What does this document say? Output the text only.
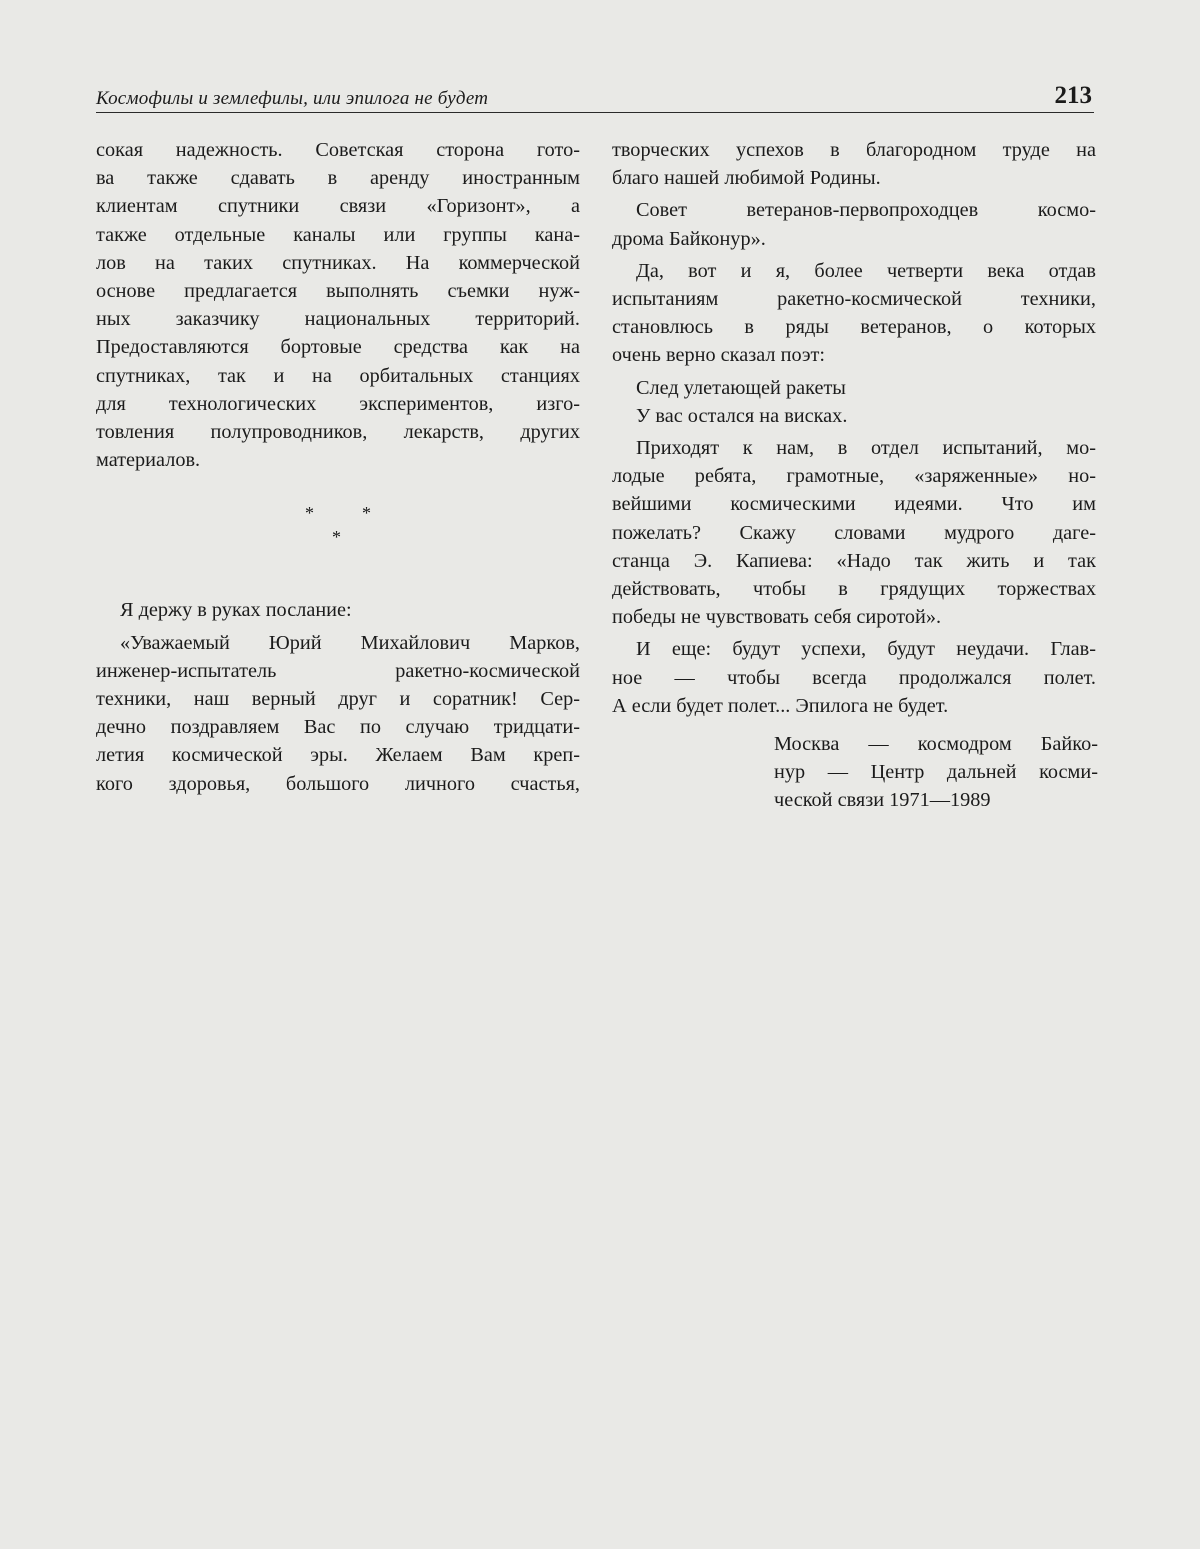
Космофилы и землефилы, или эпилога не будет	213
сокая надежность. Советская сторона гото-
ва также сдавать в аренду иностранным
клиентам спутники связи «Горизонт», а
также отдельные каналы или группы кана-
лов на таких спутниках. На коммерческой
основе предлагается выполнять съемки нуж-
ных заказчику национальных территорий.
Предоставляются бортовые средства как на
спутниках, так и на орбитальных станциях
для технологических экспериментов, изго-
товления полупроводников, лекарств, других
материалов.
*	*
*
Я держу в руках послание:
«Уважаемый Юрий Михайлович Марков,
инженер-испытатель ракетно-космической
техники, наш верный друг и соратник! Сер-
дечно поздравляем Вас по случаю тридцати-
летия космической эры. Желаем Вам креп-
кого здоровья, большого личного счастья,
творческих успехов в благородном труде на
благо нашей любимой Родины.
Совет ветеранов-первопроходцев космо-
дрома Байконур».
Да, вот и я, более четверти века отдав
испытаниям ракетно-космической техники,
становлюсь в ряды ветеранов, о которых
очень верно сказал поэт:
След улетающей ракеты
У вас остался на висках.
Приходят к нам, в отдел испытаний, мо-
лодые ребята, грамотные, «заряженные» но-
вейшими космическими идеями. Что им
пожелать? Скажу словами мудрого даге-
станца Э. Капиева: «Надо так жить и так
действовать, чтобы в грядущих торжествах
победы не чувствовать себя сиротой».
И еще: будут успехи, будут неудачи. Глав-
ное — чтобы всегда продолжался полет.
А если будет полет... Эпилога не будет.
Москва — космодром Байко-
нур — Центр дальней косми-
ческой связи 1971—1989
